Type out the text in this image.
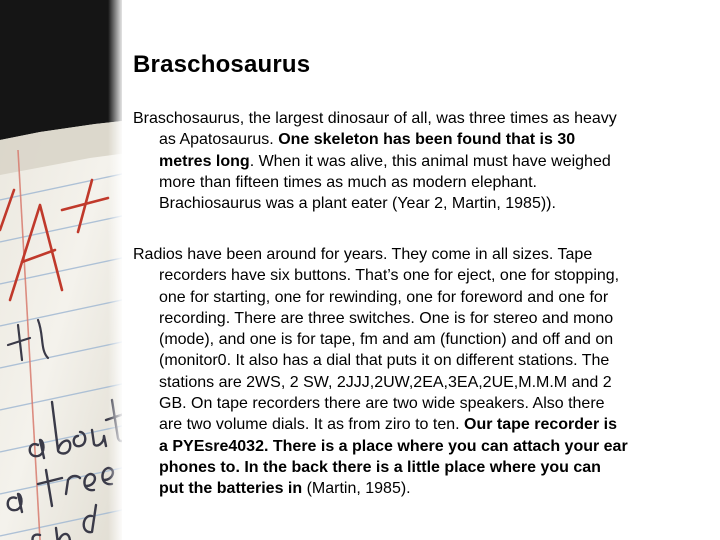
Braschosaurus

Braschosaurus, the largest dinosaur of all, was three times as heavy
as Apatosaurus. One skeleton has been found that is 30
metres long. When it was alive, this animal must have weighed
more than fifteen times as much as modern elephant.
Brachiosaurus was a plant eater (Year 2, Martin, 1985)).

Radios have been around for years. They come in all sizes. Tape
recorders have six buttons. That’s one for eject, one for stopping,
one for starting, one for rewinding, one for foreword and one for
recording. There are three switches. One is for stereo and mono
(mode), and one is for tape, fm and am (function) and off and on
(monitor0. It also has a dial that puts it on different stations. The
stations are 2WS, 2 SW, 2JJJ,2UW,2EA,3EA,2UE,M.M.M and 2
GB. On tape recorders there are two wide speakers. Also there
are two volume dials. It as from ziro to ten. Our tape recorder is
a PYEsre4032. There is a place where you can attach your ear
phones to. In the back there is a little place where you can
put the batteries in (Martin, 1985).
